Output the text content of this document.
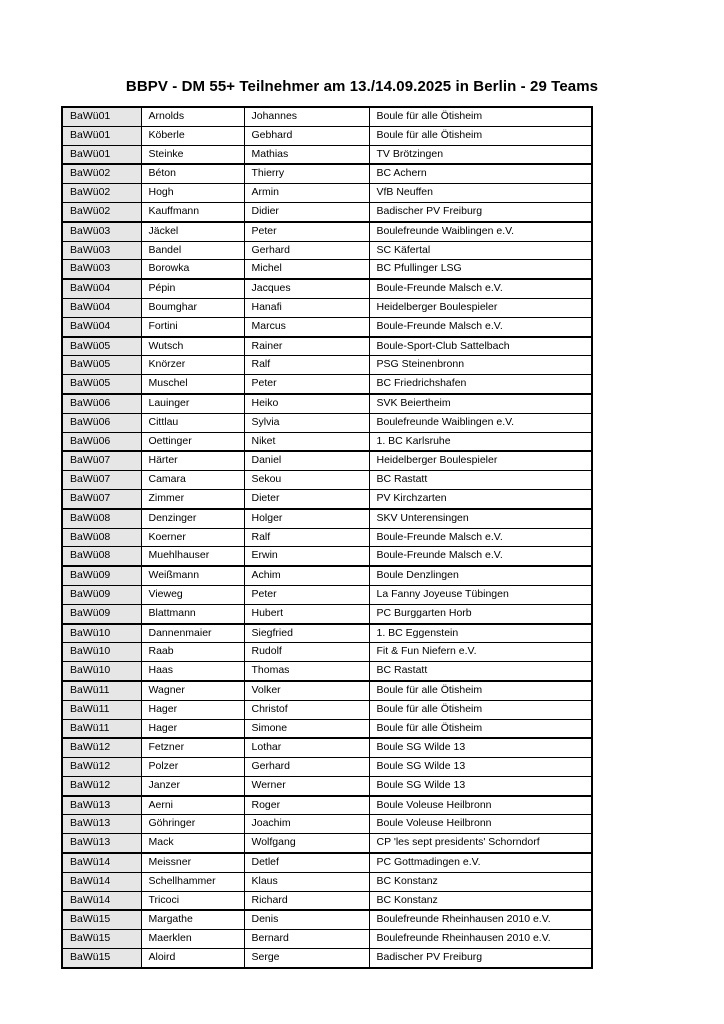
BBPV - DM 55+ Teilnehmer am 13./14.09.2025 in Berlin - 29 Teams
BaWü01	Arnolds	Johannes	Boule für alle Ötisheim
BaWü01	Köberle	Gebhard	Boule für alle Ötisheim
BaWü01	Steinke	Mathias	TV Brötzingen
BaWü02	Béton	Thierry	BC Achern
BaWü02	Hogh	Armin	VfB Neuffen
BaWü02	Kauffmann	Didier	Badischer PV Freiburg
BaWü03	Jäckel	Peter	Boulefreunde Waiblingen e.V.
BaWü03	Bandel	Gerhard	SC Käfertal
BaWü03	Borowka	Michel	BC Pfullinger LSG
BaWü04	Pépin	Jacques	Boule-Freunde Malsch e.V.
BaWü04	Boumghar	Hanafi	Heidelberger Boulespieler
BaWü04	Fortini	Marcus	Boule-Freunde Malsch e.V.
BaWü05	Wutsch	Rainer	Boule-Sport-Club Sattelbach
BaWü05	Knörzer	Ralf	PSG Steinenbronn
BaWü05	Muschel	Peter	BC Friedrichshafen
BaWü06	Lauinger	Heiko	SVK Beiertheim
BaWü06	Cittlau	Sylvia	Boulefreunde Waiblingen e.V.
BaWü06	Oettinger	Niket	1. BC Karlsruhe
BaWü07	Härter	Daniel	Heidelberger Boulespieler
BaWü07	Camara	Sekou	BC Rastatt
BaWü07	Zimmer	Dieter	PV Kirchzarten
BaWü08	Denzinger	Holger	SKV Unterensingen
BaWü08	Koerner	Ralf	Boule-Freunde Malsch e.V.
BaWü08	Muehlhauser	Erwin	Boule-Freunde Malsch e.V.
BaWü09	Weißmann	Achim	Boule Denzlingen
BaWü09	Vieweg	Peter	La Fanny Joyeuse Tübingen
BaWü09	Blattmann	Hubert	PC Burggarten Horb
BaWü10	Dannenmaier	Siegfried	1. BC Eggenstein
BaWü10	Raab	Rudolf	Fit & Fun Niefern e.V.
BaWü10	Haas	Thomas	BC Rastatt
BaWü11	Wagner	Volker	Boule für alle Ötisheim
BaWü11	Hager	Christof	Boule für alle Ötisheim
BaWü11	Hager	Simone	Boule für alle Ötisheim
BaWü12	Fetzner	Lothar	Boule SG Wilde 13
BaWü12	Polzer	Gerhard	Boule SG Wilde 13
BaWü12	Janzer	Werner	Boule SG Wilde 13
BaWü13	Aerni	Roger	Boule Voleuse Heilbronn
BaWü13	Göhringer	Joachim	Boule Voleuse Heilbronn
BaWü13	Mack	Wolfgang	CP 'les sept presidents' Schorndorf
BaWü14	Meissner	Detlef	PC Gottmadingen e.V.
BaWü14	Schellhammer	Klaus	BC Konstanz
BaWü14	Tricoci	Richard	BC Konstanz
BaWü15	Margathe	Denis	Boulefreunde Rheinhausen 2010 e.V.
BaWü15	Maerklen	Bernard	Boulefreunde Rheinhausen 2010 e.V.
BaWü15	Aloird	Serge	Badischer PV Freiburg
